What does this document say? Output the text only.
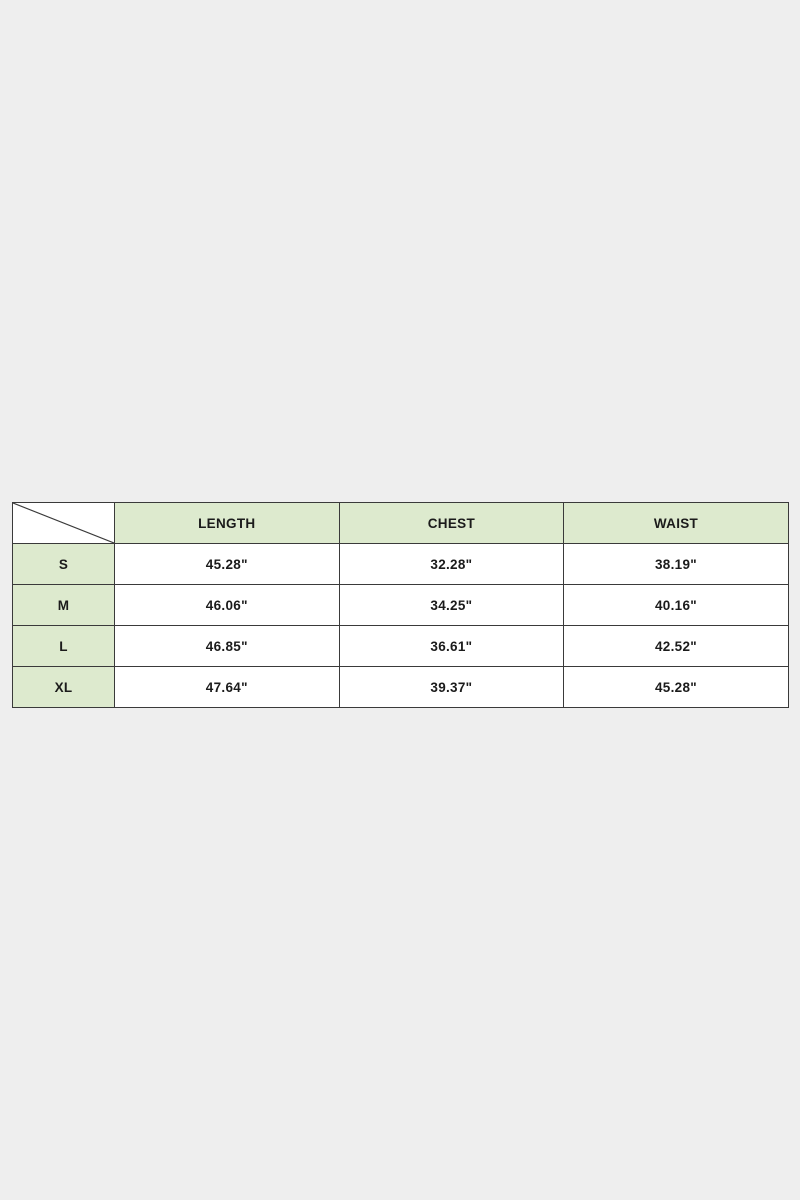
	LENGTH	CHEST	WAIST
S	45.28"	32.28"	38.19"
M	46.06"	34.25"	40.16"
L	46.85"	36.61"	42.52"
XL	47.64"	39.37"	45.28"
